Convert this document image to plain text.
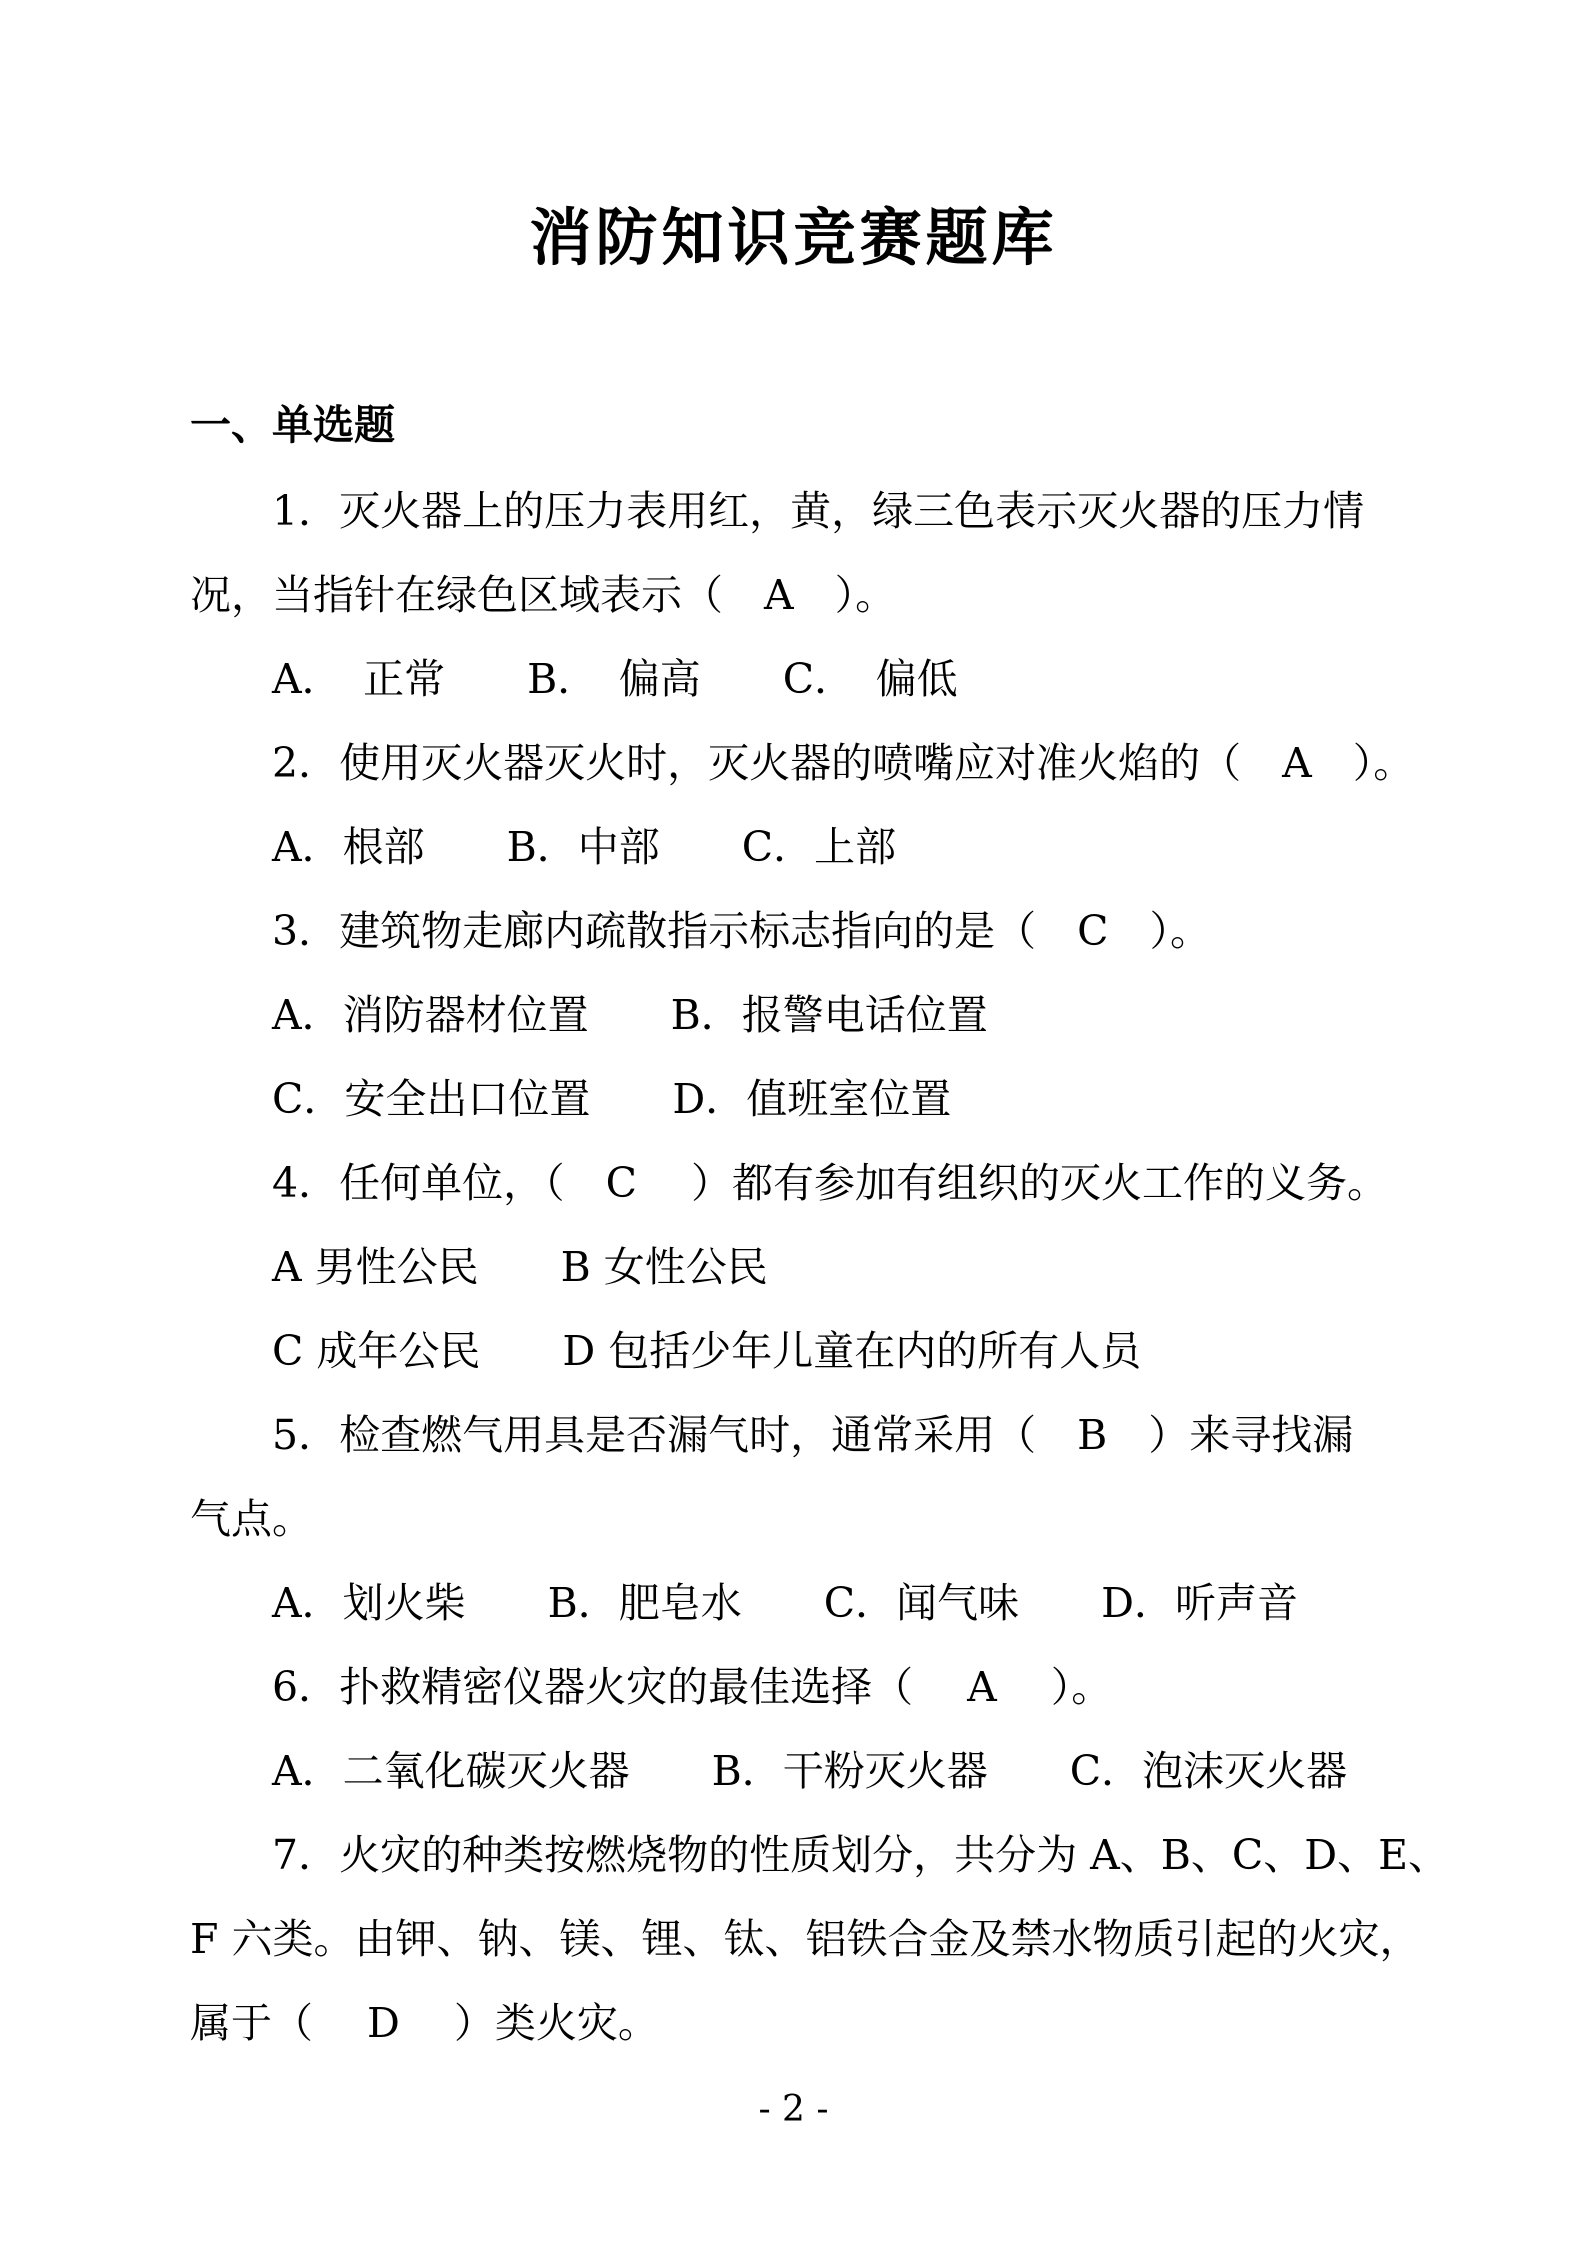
消防知识竞赛题库
一、单选题
1．灭火器上的压力表用红，黄，绿三色表示灭火器的压力情
况，当指针在绿色区域表示（　A　）。
A．　正常　　B．　偏高　　C．　偏低
2．使用灭火器灭火时，灭火器的喷嘴应对准火焰的（　A　）。
A．根部　　B．中部　　C．上部
3．建筑物走廊内疏散指示标志指向的是（　C　）。
A．消防器材位置　　B．报警电话位置
C．安全出口位置　　D．值班室位置
4．任何单位，（　C　 ）都有参加有组织的灭火工作的义务。
A 男性公民　　B 女性公民
C 成年公民　　D 包括少年儿童在内的所有人员
5．检查燃气用具是否漏气时，通常采用（　B　）来寻找漏
气点。
A．划火柴　　B．肥皂水　　C．闻气味　　D．听声音
6．扑救精密仪器火灾的最佳选择（　 A　 ）。
A．二氧化碳灭火器　　B．干粉灭火器　　C．泡沫灭火器
7．火灾的种类按燃烧物的性质划分，共分为 A、B、C、D、E、
F 六类。由钾、钠、镁、锂、钛、铝铁合金及禁水物质引起的火灾，
属于（　 D　 ）类火灾。
- 2 -
